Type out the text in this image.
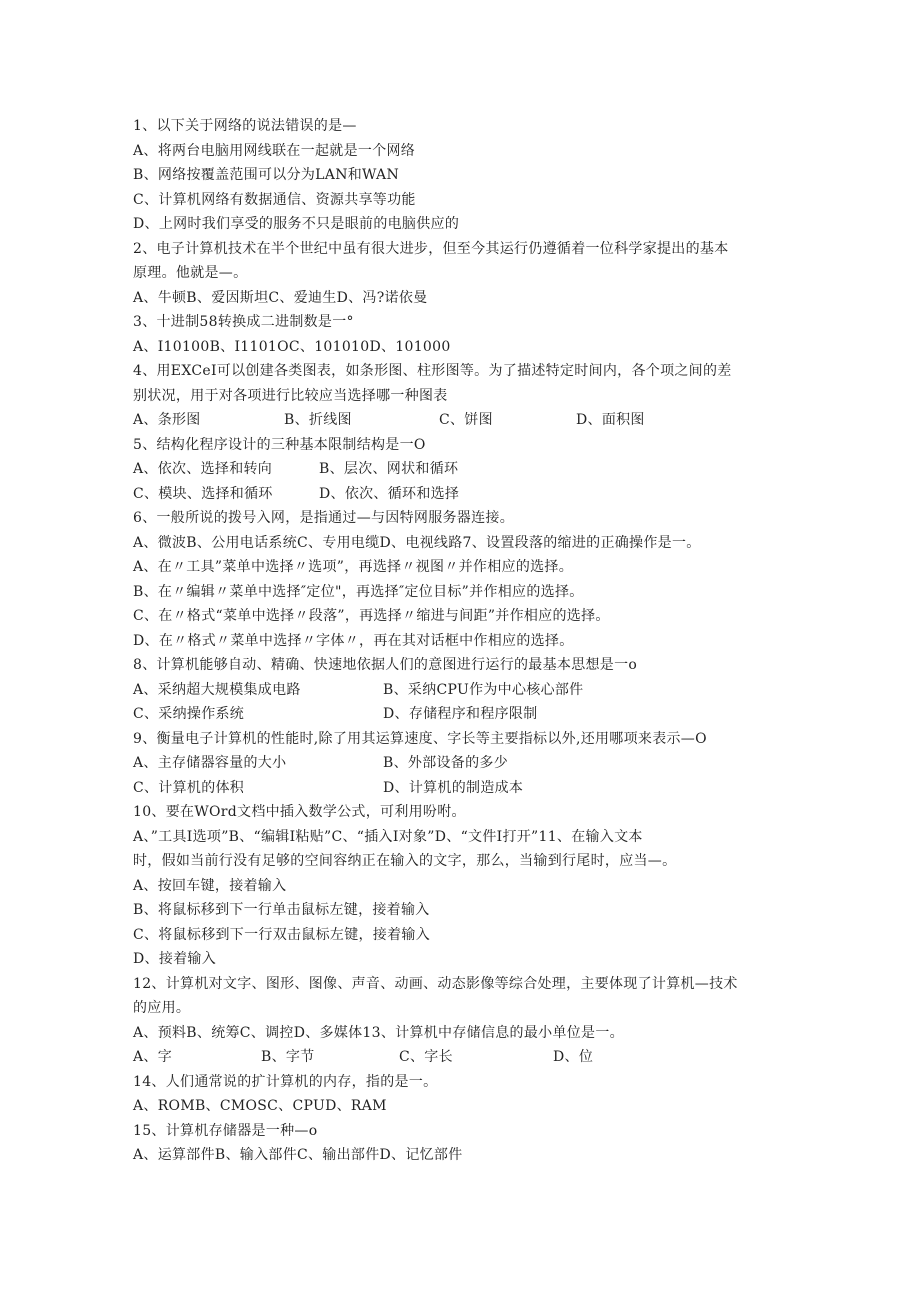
1、以下关于网络的说法错误的是—
A、将两台电脑用网线联在一起就是一个网络
B、网络按覆盖范围可以分为LAN和WAN
C、计算机网络有数据通信、资源共享等功能
D、上网时我们享受的服务不只是眼前的电脑供应的
2、电子计算机技术在半个世纪中虽有很大进步，但至今其运行仍遵循着一位科学家提出的基本
原理。他就是—。
A、牛顿B、爱因斯坦C、爱迪生D、冯?诺依曼
3、十进制58转换成二进制数是一°
A、I10100B、I1101OC、101010D、101000
4、用EXCeI可以创建各类图表，如条形图、柱形图等。为了描述特定时间内，各个项之间的差
别状况，用于对各项进行比较应当选择哪一种图表
A、条形图	B、折线图	C、饼图	D、面积图
5、结构化程序设计的三种基本限制结构是一O
A、依次、选择和转向	B、层次、网状和循环
C、模块、选择和循环	D、依次、循环和选择
6、一般所说的拨号入网，是指通过—与因特网服务器连接。
A、微波B、公用电话系统C、专用电缆D、电视线路7、设置段落的缩进的正确操作是一。
A、在〃工具”菜单中选择〃选项”，再选择〃视图〃并作相应的选择。
B、在〃编辑〃菜单中选择″定位"，再选择″定位目标”并作相应的选择。
C、在〃格式“菜单中选择〃段落”，再选择〃缩进与间距”并作相应的选择。
D、在〃格式〃菜单中选择〃字体〃，再在其对话框中作相应的选择。
8、计算机能够自动、精确、快速地依据人们的意图进行运行的最基本思想是一o
A、采纳超大规模集成电路	B、采纳CPU作为中心核心部件
C、采纳操作系统	D、存储程序和程序限制
9、衡量电子计算机的性能时,除了用其运算速度、字长等主要指标以外,还用哪项来表示—O
A、主存储器容量的大小	B、外部设备的多少
C、计算机的体积	D、计算机的制造成本
10、要在WOrd文档中插入数学公式，可利用吩咐。
A、”工具I选项”B、“编辑I粘贴”C、“插入I对象”D、“文件I打开”11、在输入文本
时，假如当前行没有足够的空间容纳正在输入的文字，那么，当输到行尾时，应当—。
A、按回车键，接着输入
B、将鼠标移到下一行单击鼠标左键，接着输入
C、将鼠标移到下一行双击鼠标左键，接着输入
D、接着输入
12、计算机对文字、图形、图像、声音、动画、动态影像等综合处理，主要体现了计算机—技术
的应用。
A、预料B、统筹C、调控D、多媒体13、计算机中存储信息的最小单位是一。
A、字	B、字节	C、字长	D、位
14、人们通常说的扩计算机的内存，指的是一。
A、ROMB、CMOSC、CPUD、RAM
15、计算机存储器是一种—o
A、运算部件B、输入部件C、输出部件D、记忆部件
